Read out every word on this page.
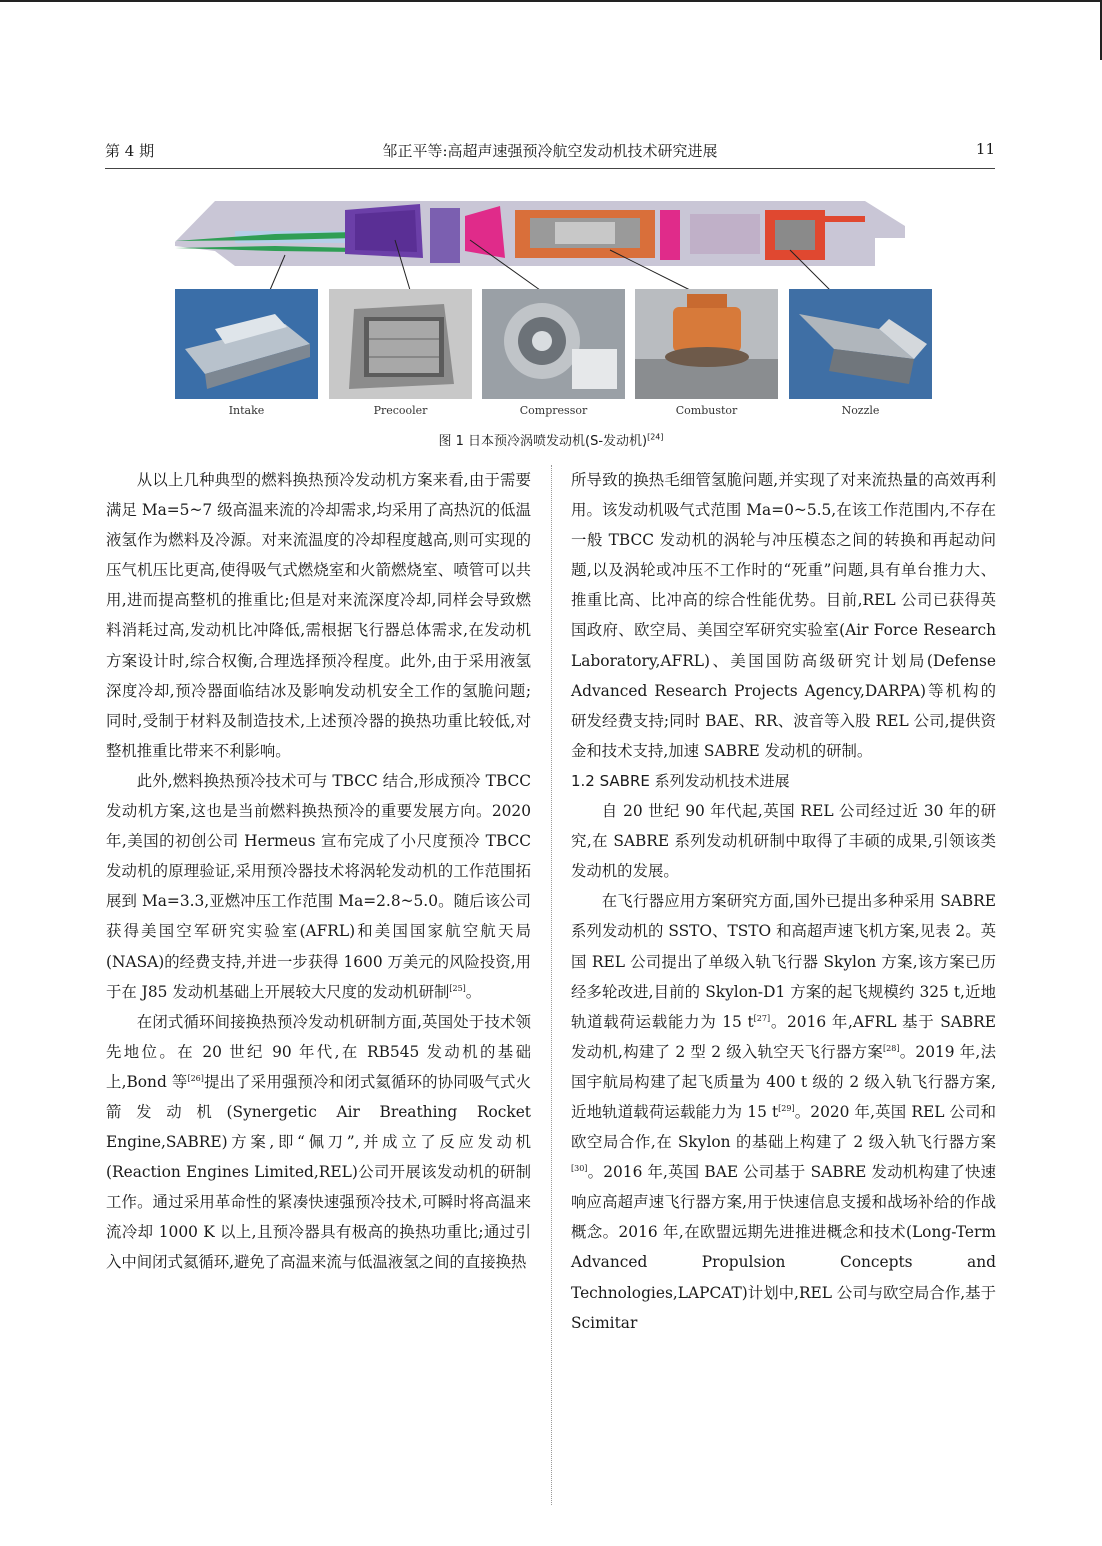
第 4 期	邹正平等:高超声速强预冷航空发动机技术研究进展	11
Intake	Precooler	Compressor	Combustor	Nozzle
图 1 日本预冷涡喷发动机(S-发动机)[24]

从以上几种典型的燃料换热预冷发动机方案来看,由于需要满足 Ma=5~7 级高温来流的冷却需求,均采用了高热沉的低温液氢作为燃料及冷源。对来流温度的冷却程度越高,则可实现的压气机压比更高,使得吸气式燃烧室和火箭燃烧室、喷管可以共用,进而提高整机的推重比;但是对来流深度冷却,同样会导致燃料消耗过高,发动机比冲降低,需根据飞行器总体需求,在发动机方案设计时,综合权衡,合理选择预冷程度。此外,由于采用液氢深度冷却,预冷器面临结冰及影响发动机安全工作的氢脆问题;同时,受制于材料及制造技术,上述预冷器的换热功重比较低,对整机推重比带来不利影响。

此外,燃料换热预冷技术可与 TBCC 结合,形成预冷 TBCC 发动机方案,这也是当前燃料换热预冷的重要发展方向。2020 年,美国的初创公司 Hermeus 宣布完成了小尺度预冷 TBCC 发动机的原理验证,采用预冷器技术将涡轮发动机的工作范围拓展到 Ma=3.3,亚燃冲压工作范围 Ma=2.8~5.0。随后该公司获得美国空军研究实验室(AFRL)和美国国家航空航天局(NASA)的经费支持,并进一步获得 1600 万美元的风险投资,用于在 J85 发动机基础上开展较大尺度的发动机研制[25]。

在闭式循环间接换热预冷发动机研制方面,英国处于技术领先地位。在 20 世纪 90 年代,在 RB545 发动机的基础上,Bond 等[26]提出了采用强预冷和闭式氦循环的协同吸气式火箭发动机(Synergetic Air Breathing Rocket Engine,SABRE)方案,即“佩刀”,并成立了反应发动机(Reaction Engines Limited,REL)公司开展该发动机的研制工作。通过采用革命性的紧凑快速强预冷技术,可瞬时将高温来流冷却 1000 K 以上,且预冷器具有极高的换热功重比;通过引入中间闭式氦循环,避免了高温来流与低温液氢之间的直接换热

所导致的换热毛细管氢脆问题,并实现了对来流热量的高效再利用。该发动机吸气式范围 Ma=0~5.5,在该工作范围内,不存在一般 TBCC 发动机的涡轮与冲压模态之间的转换和再起动问题,以及涡轮或冲压不工作时的“死重”问题,具有单台推力大、推重比高、比冲高的综合性能优势。目前,REL 公司已获得英国政府、欧空局、美国空军研究实验室(Air Force Research Laboratory,AFRL)、美国国防高级研究计划局(Defense Advanced Research Projects Agency,DARPA)等机构的研发经费支持;同时 BAE、RR、波音等入股 REL 公司,提供资金和技术支持,加速 SABRE 发动机的研制。

1.2 SABRE 系列发动机技术进展

自 20 世纪 90 年代起,英国 REL 公司经过近 30 年的研究,在 SABRE 系列发动机研制中取得了丰硕的成果,引领该类发动机的发展。

在飞行器应用方案研究方面,国外已提出多种采用 SABRE 系列发动机的 SSTO、TSTO 和高超声速飞机方案,见表 2。英国 REL 公司提出了单级入轨飞行器 Skylon 方案,该方案已历经多轮改进,目前的 Skylon-D1 方案的起飞规模约 325 t,近地轨道载荷运载能力为 15 t[27]。2016 年,AFRL 基于 SABRE 发动机,构建了 2 型 2 级入轨空天飞行器方案[28]。2019 年,法国宇航局构建了起飞质量为 400 t 级的 2 级入轨飞行器方案,近地轨道载荷运载能力为 15 t[29]。2020 年,英国 REL 公司和欧空局合作,在 Skylon 的基础上构建了 2 级入轨飞行器方案[30]。2016 年,英国 BAE 公司基于 SABRE 发动机构建了快速响应高超声速飞行器方案,用于快速信息支援和战场补给的作战概念。2016 年,在欧盟远期先进推进概念和技术(Long-Term Advanced Propulsion Concepts and Technologies,LAPCAT)计划中,REL 公司与欧空局合作,基于 Scimitar
